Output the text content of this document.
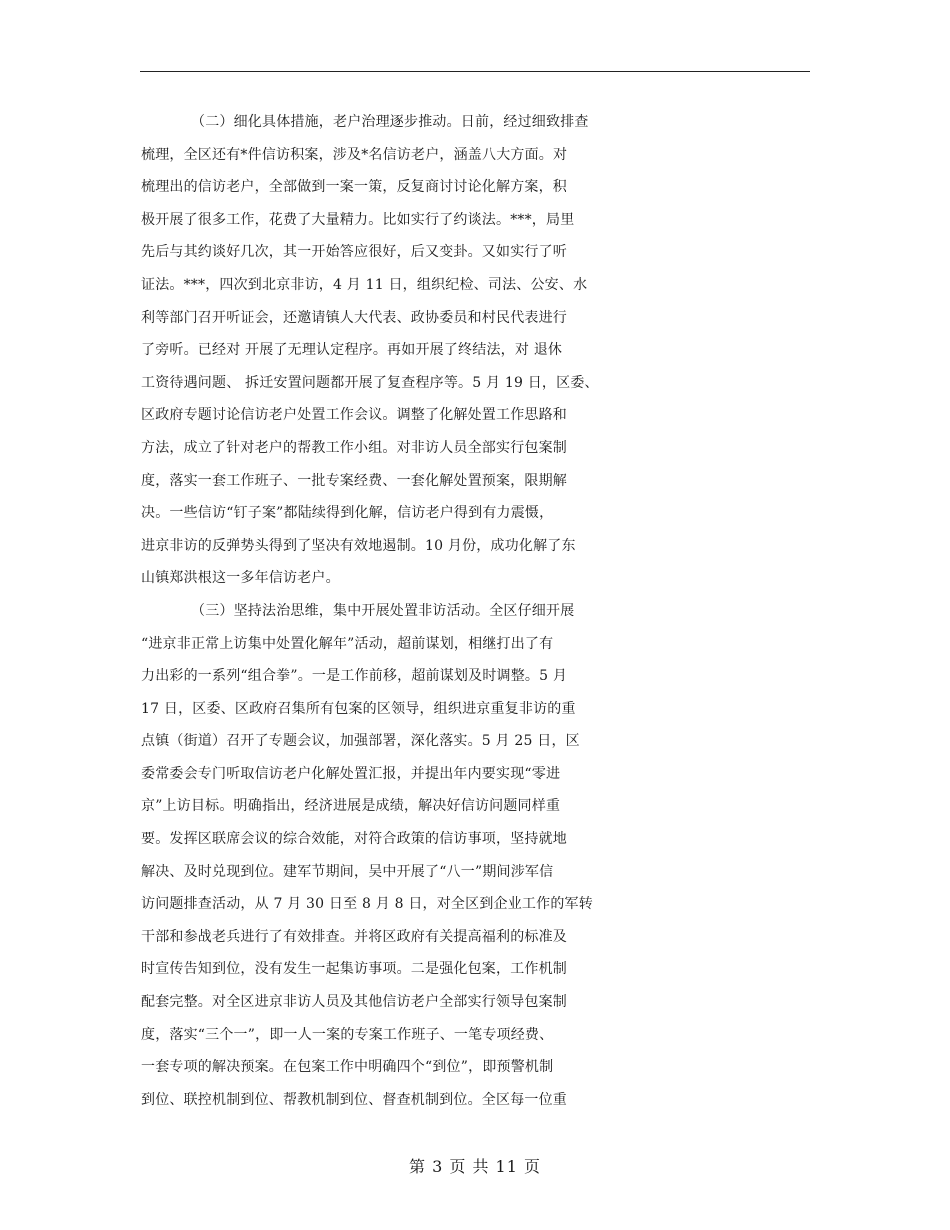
（二）细化具体措施，老户治理逐步推动。日前，经过细致排查
梳理，全区还有*件信访积案，涉及*名信访老户，涵盖八大方面。对
梳理出的信访老户，全部做到一案一策，反复商讨讨论化解方案，积
极开展了很多工作，花费了大量精力。比如实行了约谈法。***，局里
先后与其约谈好几次，其一开始答应很好，后又变卦。又如实行了听
证法。***，四次到北京非访，4 月 11 日，组织纪检、司法、公安、水
利等部门召开听证会，还邀请镇人大代表、政协委员和村民代表进行
了旁听。已经对 开展了无理认定程序。再如开展了终结法，对 退休
工资待遇问题、 拆迁安置问题都开展了复查程序等。5 月 19 日，区委、
区政府专题讨论信访老户处置工作会议。调整了化解处置工作思路和
方法，成立了针对老户的帮教工作小组。对非访人员全部实行包案制
度，落实一套工作班子、一批专案经费、一套化解处置预案，限期解
决。一些信访“钉子案”都陆续得到化解，信访老户得到有力震慑，
进京非访的反弹势头得到了坚决有效地遏制。10 月份，成功化解了东
山镇郑洪根这一多年信访老户。
（三）坚持法治思维，集中开展处置非访活动。全区仔细开展
“进京非正常上访集中处置化解年”活动，超前谋划，相继打出了有
力出彩的一系列“组合拳”。一是工作前移，超前谋划及时调整。5 月
17 日，区委、区政府召集所有包案的区领导，组织进京重复非访的重
点镇（街道）召开了专题会议，加强部署，深化落实。5 月 25 日，区
委常委会专门听取信访老户化解处置汇报，并提出年内要实现“零进
京”上访目标。明确指出，经济进展是成绩，解决好信访问题同样重
要。发挥区联席会议的综合效能，对符合政策的信访事项，坚持就地
解决、及时兑现到位。建军节期间，吴中开展了“八一”期间涉军信
访问题排查活动，从 7 月 30 日至 8 月 8 日，对全区到企业工作的军转
干部和参战老兵进行了有效排查。并将区政府有关提高福利的标准及
时宣传告知到位，没有发生一起集访事项。二是强化包案，工作机制
配套完整。对全区进京非访人员及其他信访老户全部实行领导包案制
度，落实“三个一”，即一人一案的专案工作班子、一笔专项经费、
一套专项的解决预案。在包案工作中明确四个“到位”，即预警机制
到位、联控机制到位、帮教机制到位、督查机制到位。全区每一位重
第 3 页 共 11 页
